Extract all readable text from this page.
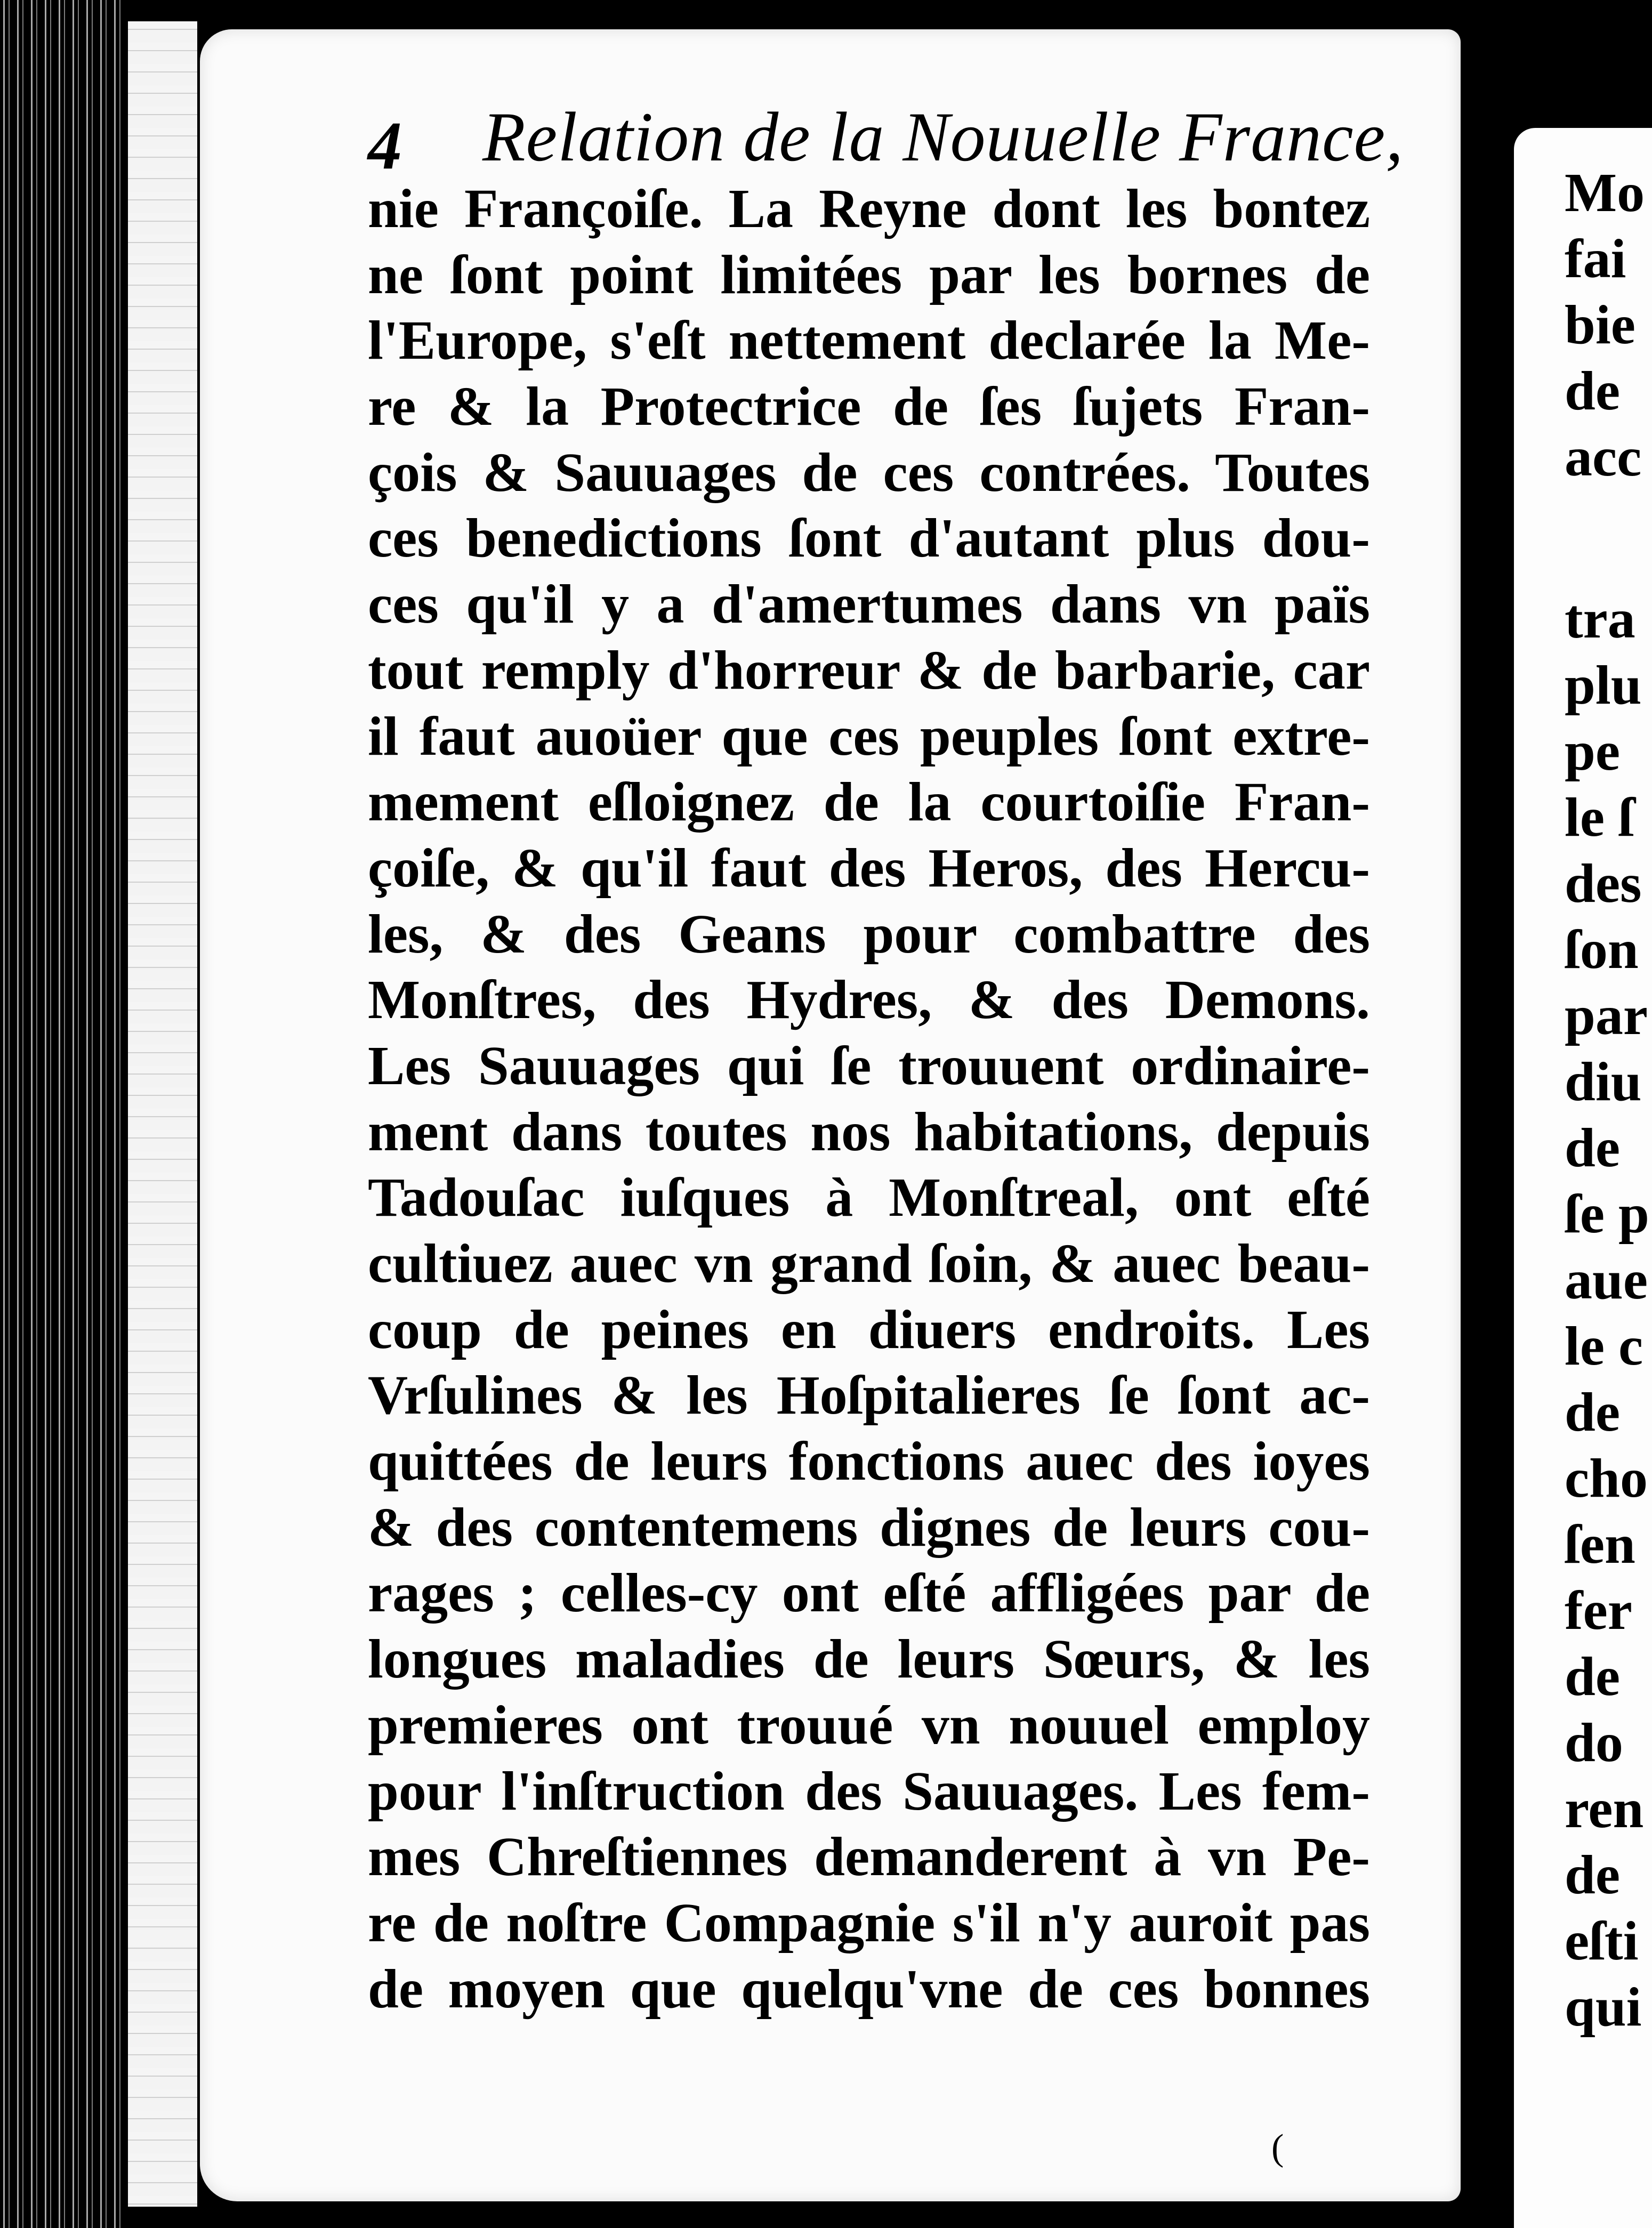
4 Relation de la Nouuelle France,
nie Françoiſe. La Reyne dont les bontez
ne ſont point limitées par les bornes de
l'Europe, s'eſt nettement declarée la Me-
re & la Protectrice de ſes ſujets Fran-
çois & Sauuages de ces contrées. Toutes
ces benedictions ſont d'autant plus dou-
ces qu'il y a d'amertumes dans vn païs
tout remply d'horreur & de barbarie, car
il faut auoüer que ces peuples ſont extre-
mement eſloignez de la courtoiſie Fran-
çoiſe, & qu'il faut des Heros, des Hercu-
les, & des Geans pour combattre des
Monſtres, des Hydres, & des Demons.
Les Sauuages qui ſe trouuent ordinaire-
ment dans toutes nos habitations, depuis
Tadouſac iuſques à Monſtreal, ont eſté
cultiuez auec vn grand ſoin, & auec beau-
coup de peines en diuers endroits. Les
Vrſulines & les Hoſpitalieres ſe ſont ac-
quittées de leurs fonctions auec des ioyes
& des contentemens dignes de leurs cou-
rages ; celles-cy ont eſté affligées par de
longues maladies de leurs Sœurs, & les
premieres ont trouué vn nouuel employ
pour l'inſtruction des Sauuages. Les fem-
mes Chreſtiennes demanderent à vn Pe-
re de noſtre Compagnie s'il n'y auroit pas
de moyen que quelqu'vne de ces bonnes
Mo
fai
bie
de
acc
tra
plu
pe
le ſ
des
ſon
par
diu
de
ſe p
aue
le c
de
cho
ſen
fer
de
do
ren
de
eſti
qui
(
